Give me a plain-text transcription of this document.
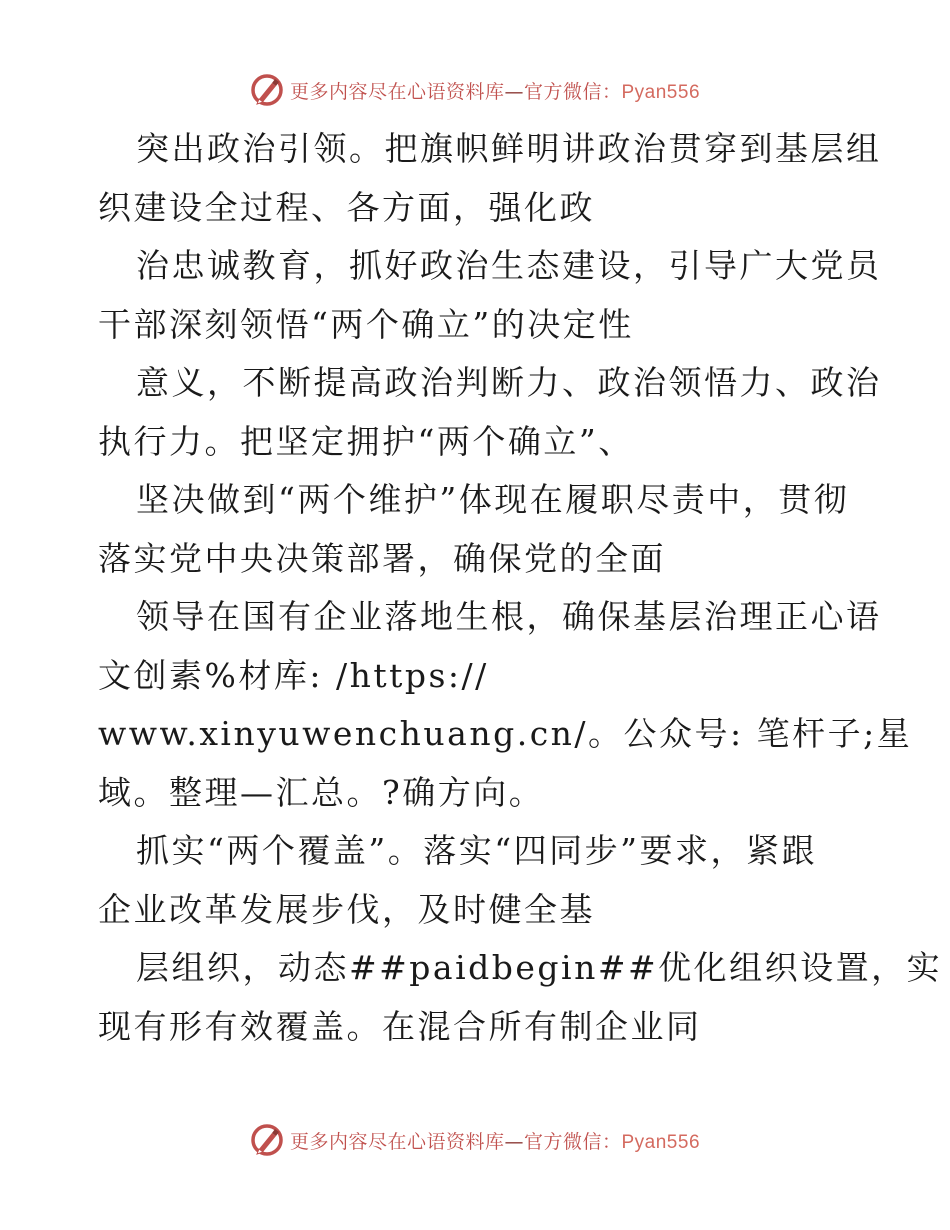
更多内容尽在心语资料库—官方微信：Pyan556
突出政治引领。把旗帜鲜明讲政治贯穿到基层组
织建设全过程、各方面，强化政
治忠诚教育，抓好政治生态建设，引导广大党员
干部深刻领悟“两个确立”的决定性
意义，不断提高政治判断力、政治领悟力、政治
执行力。把坚定拥护“两个确立”、
坚决做到“两个维护”体现在履职尽责中，贯彻
落实党中央决策部署，确保党的全面
领导在国有企业落地生根，确保基层治理正心语
文创素%材库: /https://
www.xinyuwenchuang.cn/。公众号: 笔杆子;星
域。整理—汇总。?确方向。
抓实“两个覆盖”。落实“四同步”要求，紧跟
企业改革发展步伐，及时健全基
层组织，动态##paidbegin##优化组织设置，实
现有形有效覆盖。在混合所有制企业同
更多内容尽在心语资料库—官方微信：Pyan556
